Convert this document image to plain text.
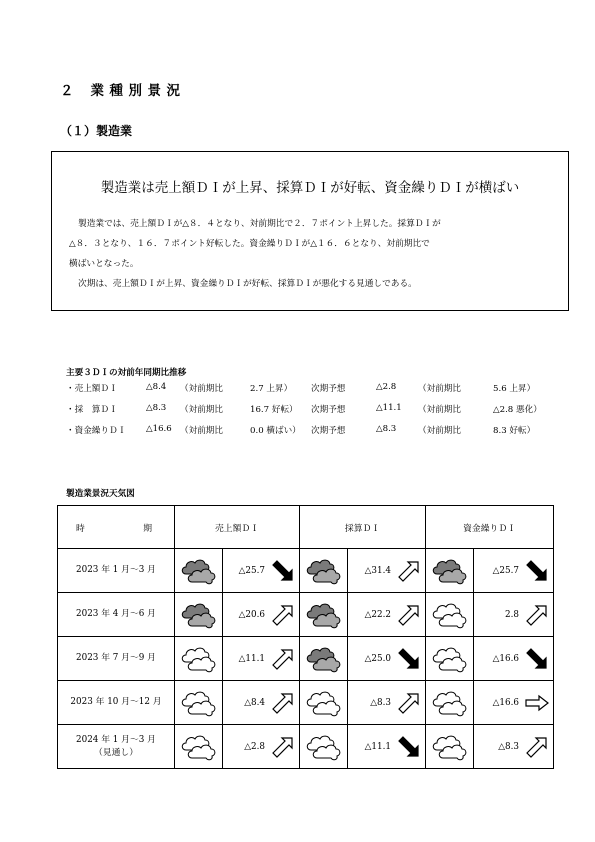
２ 業種別景況
（１）製造業
製造業は売上額ＤＩが上昇、採算ＤＩが好転、資金繰りＤＩが横ばい
製造業では、売上額ＤＩが△８．４となり、対前期比で２．７ポイント上昇した。採算ＤＩが
△８．３となり、１６．７ポイント好転した。資金繰りＤＩが△１６．６となり、対前期比で
横ばいとなった。
次期は、売上額ＤＩが上昇、資金繰りＤＩが好転、採算ＤＩが悪化する見通しである。
主要３ＤＩの対前年同期比推移
・売上額ＤＩ	△8.4 （対前期比	2.7 上昇） 次期予想	△2.8	（対前期比	5.6 上昇）
・採　算ＤＩ	△8.3 （対前期比	16.7 好転） 次期予想	△11.1 （対前期比	△2.8 悪化）
・資金繰りＤＩ △16.6 （対前期比	0.0 横ばい） 次期予想	△8.3	（対前期比	8.3 好転）
製造業景況天気図
時 期	売上額ＤＩ		採算ＤＩ		資金繰りＤＩ	

2023 年 1 月～3 月		△25.7		△31.4		△25.7

2023 年 4 月～6 月		△20.6		△22.2		2.8

2023 年 7 月～9 月		△11.1		△25.0		△16.6

2023 年 10 月～12 月		△8.4		△8.3		△16.6

2024 年 1 月～3 月
（見通し）		△2.8		△11.1		△8.3
